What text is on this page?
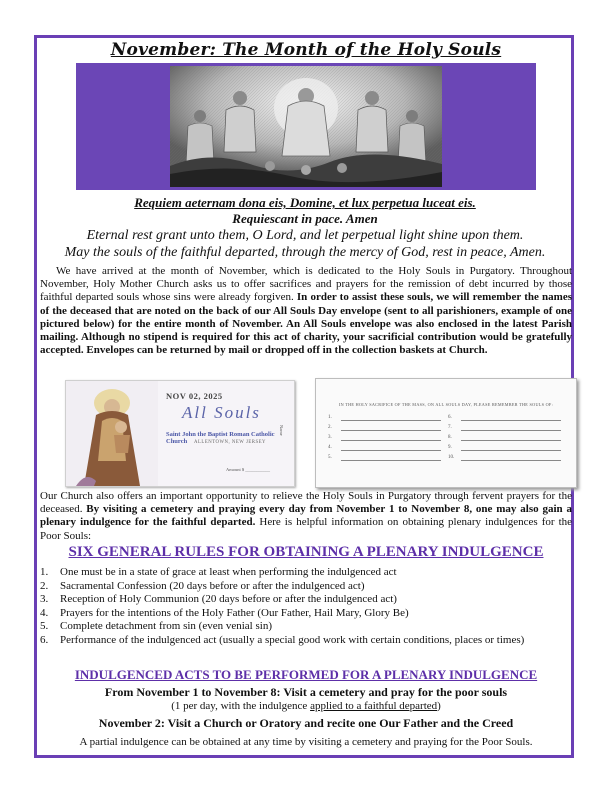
November: The Month of the Holy Souls
Requiem aeternam dona eis, Domine, et lux perpetua luceat eis.
Requiescant in pace. Amen
Eternal rest grant unto them, O Lord, and let perpetual light shine upon them.
May the souls of the faithful departed, through the mercy of God, rest in peace, Amen.
We have arrived at the month of November, which is dedicated to the Holy Souls in Purgatory. Throughout November, Holy Mother Church asks us to offer sacrifices and prayers for the remission of debt incurred by those faithful departed souls whose sins were already forgiven. In order to assist these souls, we will remember the names of the deceased that are noted on the back of our All Souls Day envelope (sent to all parishioners, example of one pictured below) for the entire month of November. An All Souls envelope was also enclosed in the latest Parish mailing. Although no stipend is required for this act of charity, your sacrificial contribution would be gratefully accepted. Envelopes can be returned by mail or dropped off in the collection baskets at Church.
NOV 02, 2025
All Souls
Saint John the Baptist Roman Catholic Church	ALLENTOWN, NEW JERSEY
Amount $ ___________
Name
IN THE HOLY SACRIFICE OF THE MASS, ON ALL SOULS DAY, PLEASE REMEMBER THE SOULS OF:
1.
2.
3.
4.
5.
6.
7.
8.
9.
10.
Our Church also offers an important opportunity to relieve the Holy Souls in Purgatory through fervent prayers for the deceased. By visiting a cemetery and praying every day from November 1 to November 8, one may also gain a plenary indulgence for the faithful departed. Here is helpful information on obtaining plenary indulgences for the Poor Souls:
SIX GENERAL RULES FOR OBTAINING A PLENARY INDULGENCE
1. One must be in a state of grace at least when performing the indulgenced act
2. Sacramental Confession (20 days before or after the indulgenced act)
3. Reception of Holy Communion (20 days before or after the indulgenced act)
4. Prayers for the intentions of the Holy Father (Our Father, Hail Mary, Glory Be)
5. Complete detachment from sin (even venial sin)
6. Performance of the indulgenced act (usually a special good work with certain conditions, places or times)
INDULGENCED ACTS TO BE PERFORMED FOR A PLENARY INDULGENCE
From November 1 to November 8: Visit a cemetery and pray for the poor souls
(1 per day, with the indulgence applied to a faithful departed)
November 2: Visit a Church or Oratory and recite one Our Father and the Creed
A partial indulgence can be obtained at any time by visiting a cemetery and praying for the Poor Souls.
